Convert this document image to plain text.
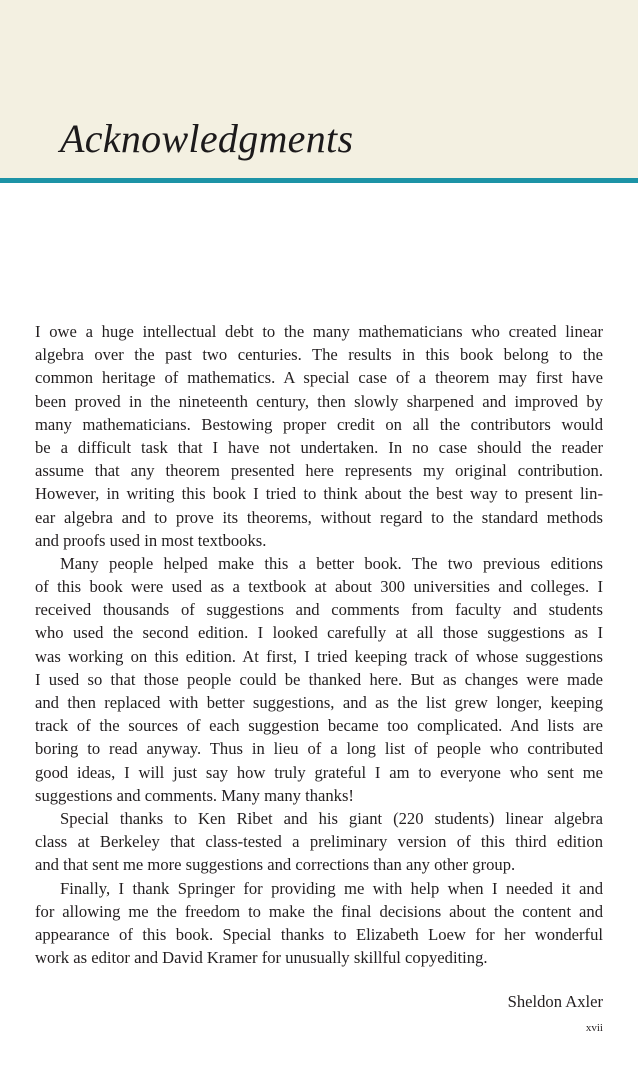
Acknowledgments
I owe a huge intellectual debt to the many mathematicians who created linear
algebra over the past two centuries. The results in this book belong to the
common heritage of mathematics. A special case of a theorem may first have
been proved in the nineteenth century, then slowly sharpened and improved by
many mathematicians. Bestowing proper credit on all the contributors would
be a difficult task that I have not undertaken. In no case should the reader
assume that any theorem presented here represents my original contribution.
However, in writing this book I tried to think about the best way to present lin-
ear algebra and to prove its theorems, without regard to the standard methods
and proofs used in most textbooks.
Many people helped make this a better book. The two previous editions
of this book were used as a textbook at about 300 universities and colleges. I
received thousands of suggestions and comments from faculty and students
who used the second edition. I looked carefully at all those suggestions as I
was working on this edition. At first, I tried keeping track of whose suggestions
I used so that those people could be thanked here. But as changes were made
and then replaced with better suggestions, and as the list grew longer, keeping
track of the sources of each suggestion became too complicated. And lists are
boring to read anyway. Thus in lieu of a long list of people who contributed
good ideas, I will just say how truly grateful I am to everyone who sent me
suggestions and comments. Many many thanks!
Special thanks to Ken Ribet and his giant (220 students) linear algebra
class at Berkeley that class-tested a preliminary version of this third edition
and that sent me more suggestions and corrections than any other group.
Finally, I thank Springer for providing me with help when I needed it and
for allowing me the freedom to make the final decisions about the content and
appearance of this book. Special thanks to Elizabeth Loew for her wonderful
work as editor and David Kramer for unusually skillful copyediting.

Sheldon Axler

xvii
